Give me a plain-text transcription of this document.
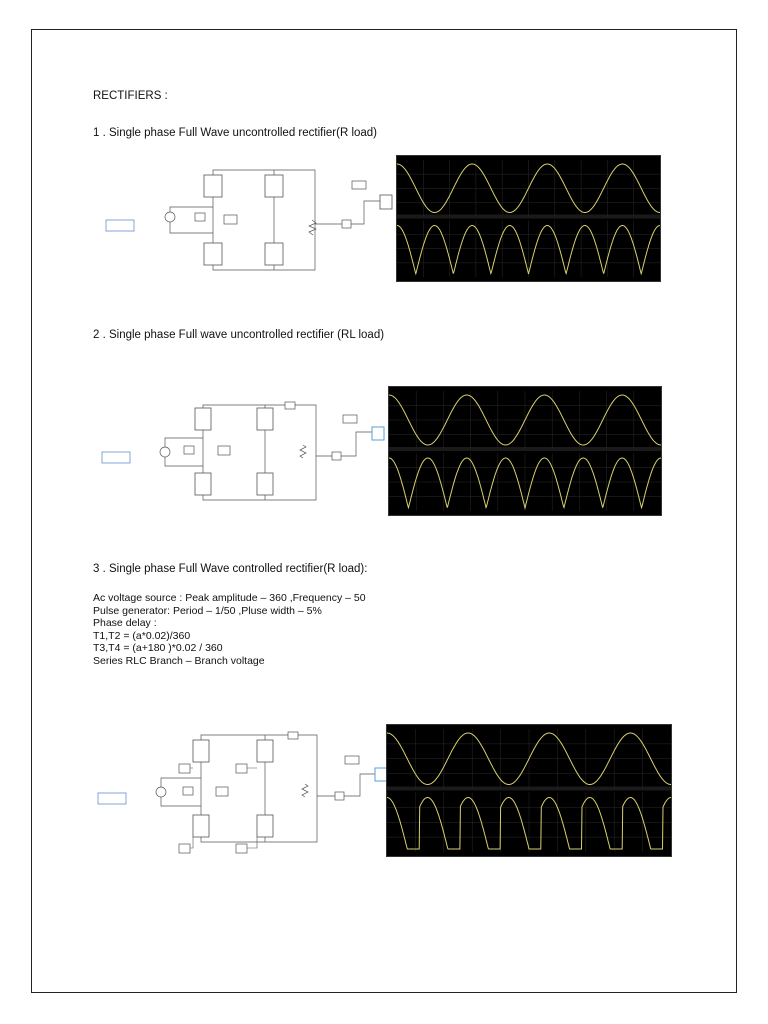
RECTIFIERS :
1 . Single phase Full Wave uncontrolled rectifier(R load)
2 . Single phase Full wave uncontrolled rectifier (RL load)
3 . Single phase Full Wave controlled rectifier(R load):
Ac voltage source : Peak amplitude – 360 ,Frequency – 50
Pulse generator: Period – 1/50 ,Pluse width – 5%
Phase delay :
T1,T2 = (a*0.02)/360
T3,T4 = (a+180 )*0.02 / 360
Series RLC Branch – Branch voltage
